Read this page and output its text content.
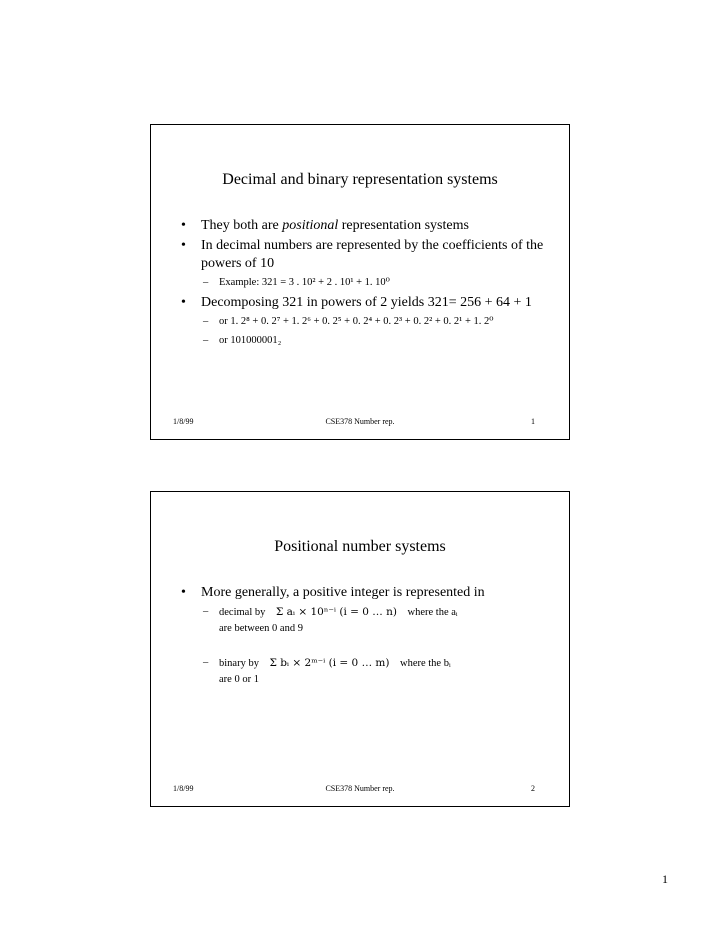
Decimal and binary representation systems
• They both are positional representation systems
• In decimal numbers are represented by the coefficients of the powers of 10
– Example: 321 = 3 . 10² + 2 . 10¹ + 1. 10⁰
• Decomposing 321 in powers of 2 yields 321= 256 + 64 + 1
– or 1. 2⁸ + 0. 2⁷ + 1. 2⁶ + 0. 2⁵ + 0. 2⁴ + 0. 2³ + 0. 2² + 0. 2¹ + 1. 2⁰
– or 101000001₂
1/8/99	CSE378 Number rep.	1
Positional number systems
• More generally, a positive integer is represented in
– decimal by Σ aᵢ × 10ⁿ⁻ⁱ (i = 0 … n) where the aᵢ
are between 0 and 9
– binary by Σ bᵢ × 2ᵐ⁻ⁱ (i = 0 … m) where the bᵢ
are 0 or 1
1/8/99	CSE378 Number rep.	2
1
